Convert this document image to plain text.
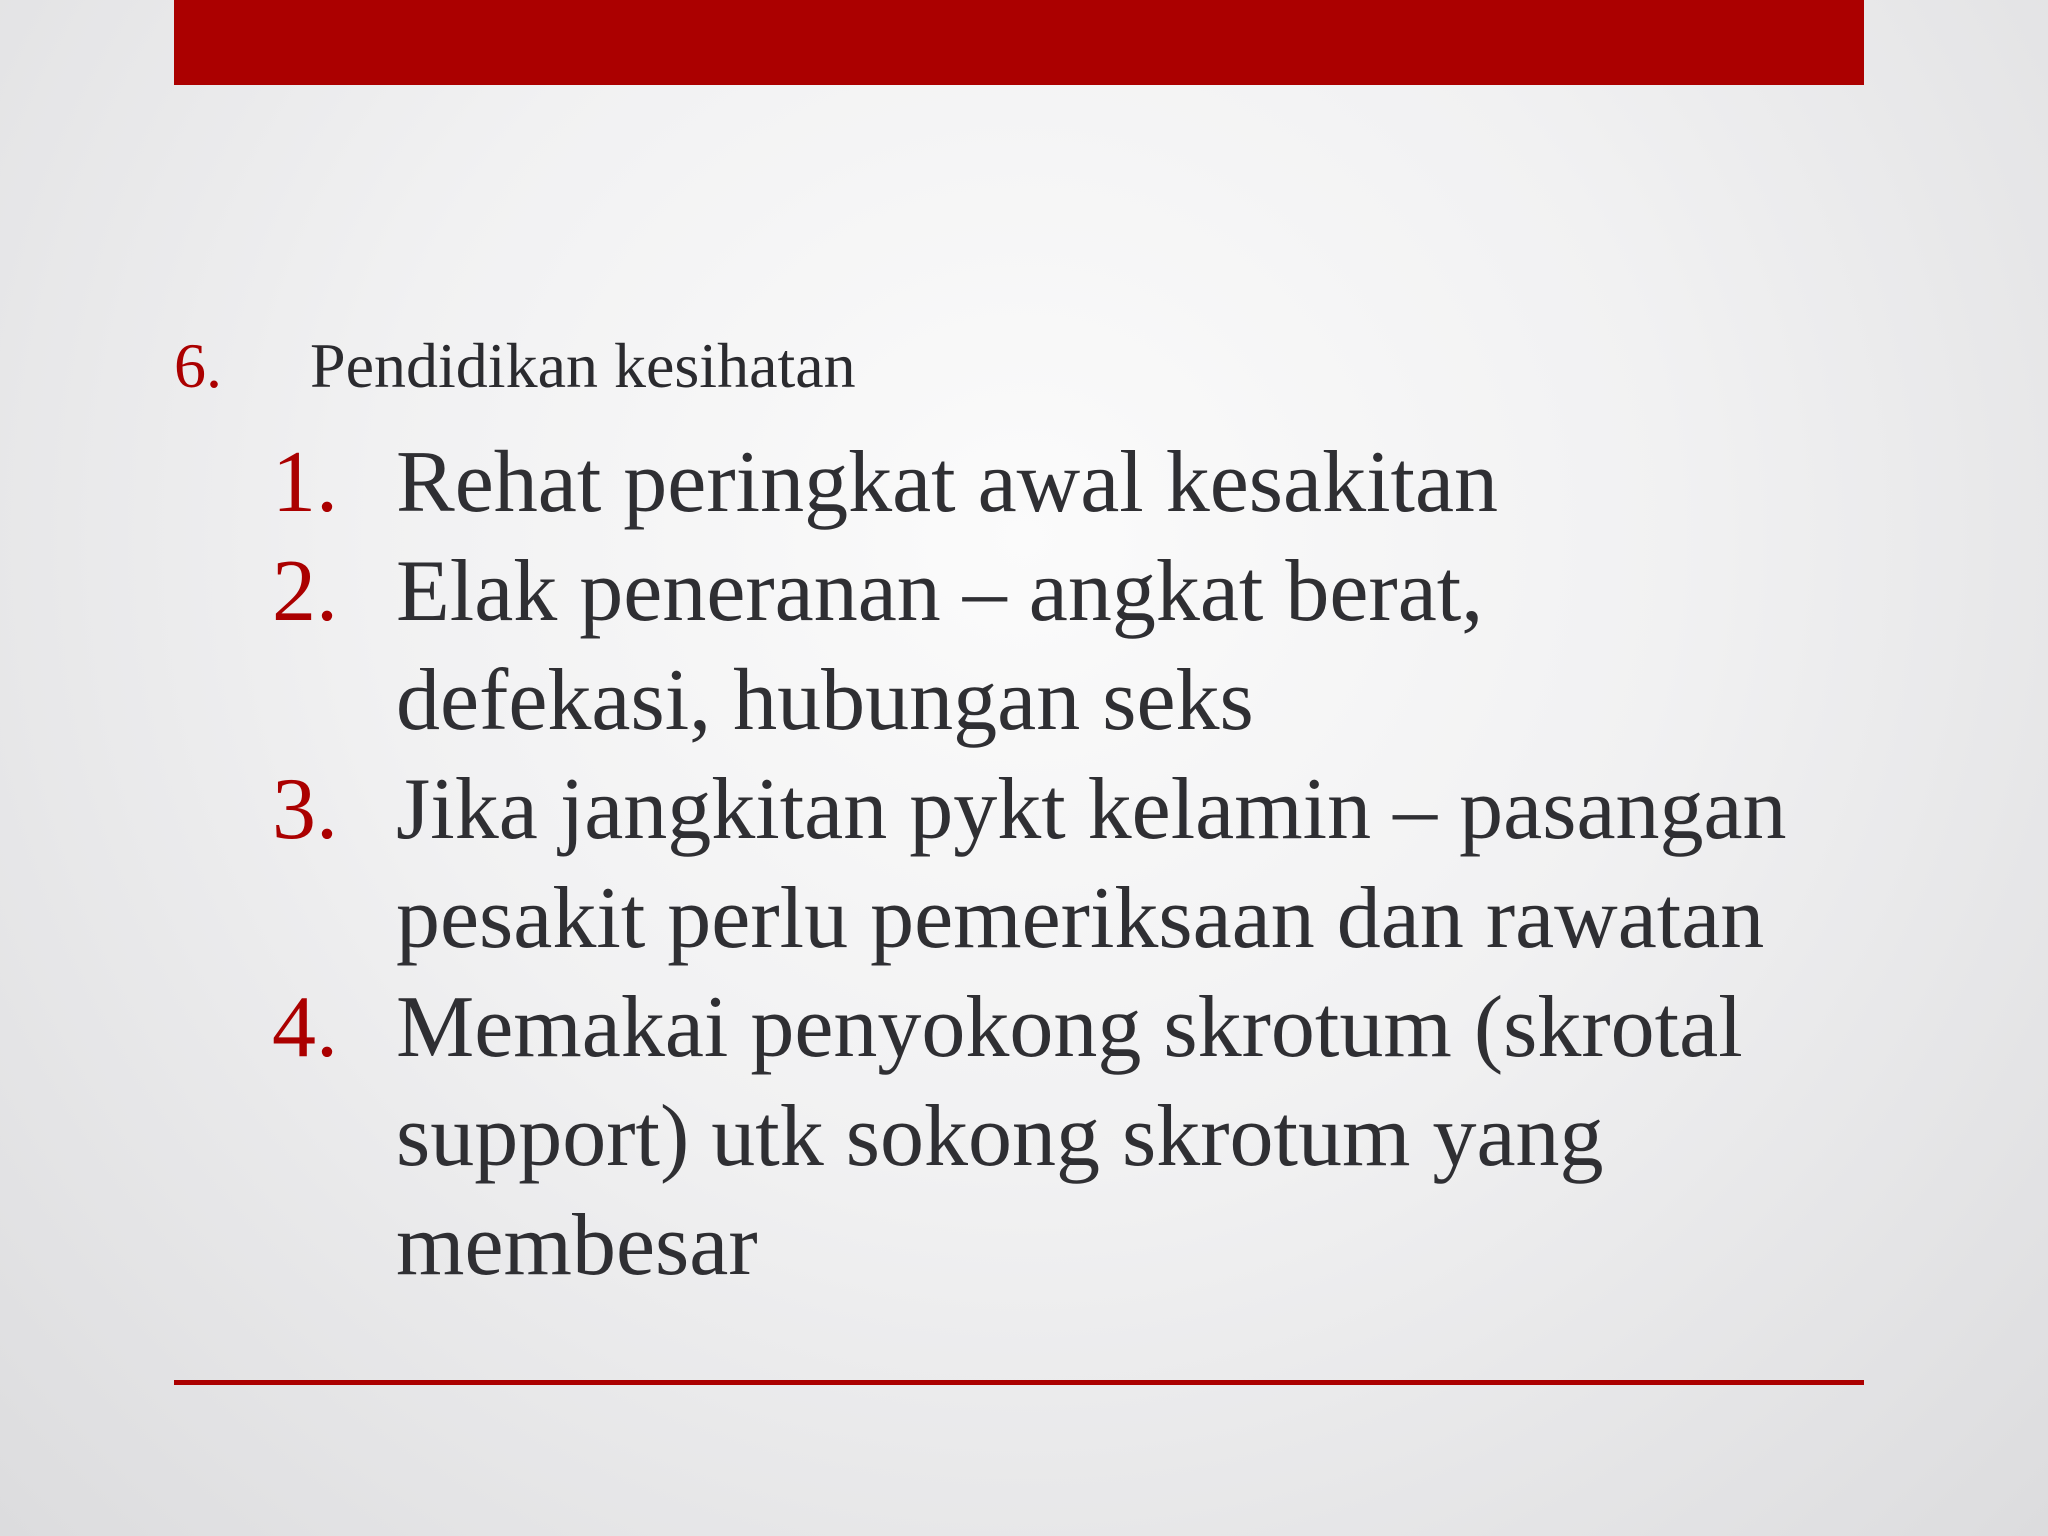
6. Pendidikan kesihatan
1. Rehat peringkat awal kesakitan
2. Elak peneranan – angkat berat,
defekasi, hubungan seks
3. Jika jangkitan pykt kelamin – pasangan
pesakit perlu pemeriksaan dan rawatan
4. Memakai penyokong skrotum (skrotal
support) utk sokong skrotum yang
membesar
